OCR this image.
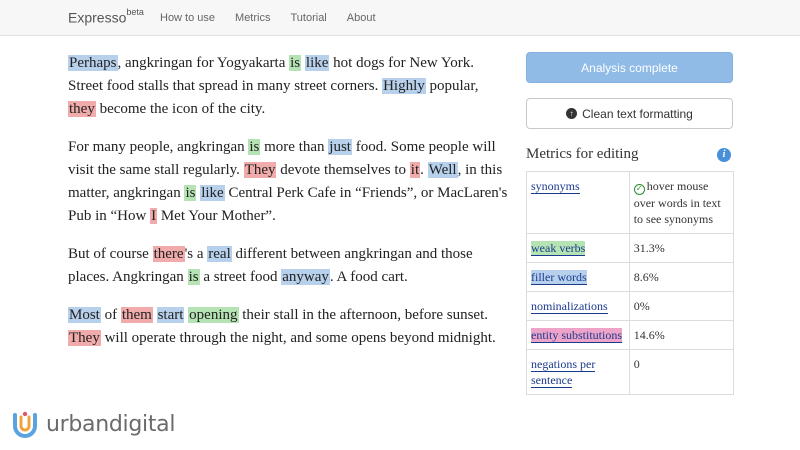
Expresso$^{beta}$	How to use	Metrics	Tutorial	About

Perhaps, angkringan for Yogyakarta is like hot dogs for New York. Street food stalls that spread in many street corners. Highly popular, they become the icon of the city.

For many people, angkringan is more than just food. Some people will visit the same stall regularly. They devote themselves to it. Well, in this matter, angkringan is like Central Perk Cafe in “Friends”, or MacLaren's Pub in “How I Met Your Mother”.

But of course there's a real different between angkringan and those places. Angkringan is a street food anyway. A food cart.

Most of them start opening their stall in the afternoon, before sunset. They will operate through the night, and some opens beyond midnight.

Analysis complete
↑ Clean text formatting
Metrics for editing	i
synonyms	✓ hover mouse over words in text to see synonyms
weak verbs	31.3%
filler words	8.6%
nominalizations	0%
entity substitutions	14.6%
negations per sentence	0
urbandigital
